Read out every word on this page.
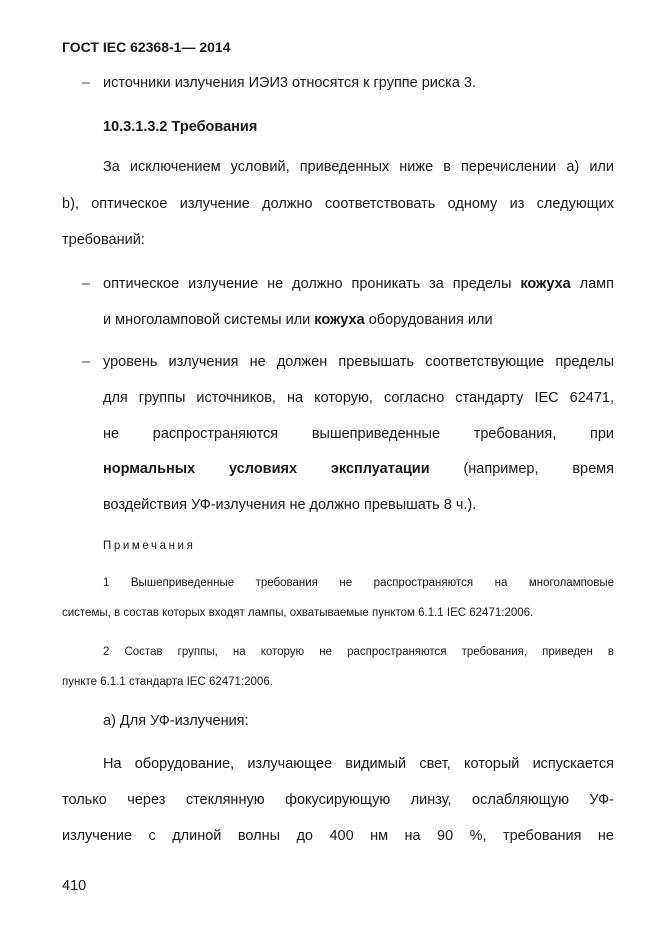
ГОСТ IEC 62368-1— 2014
– источники излучения ИЭИ3 относятся к группе риска 3.
10.3.1.3.2 Требования
За исключением условий, приведенных ниже в перечислении а) или
b), оптическое излучение должно соответствовать одному из следующих
требований:
– оптическое излучение не должно проникать за пределы кожуха ламп
и многоламповой системы или кожуха оборудования или
– уровень излучения не должен превышать соответствующие пределы
для группы источников, на которую, согласно стандарту IEC 62471,
не распространяются вышеприведенные требования, при
нормальных условиях эксплуатации (например, время
воздействия УФ-излучения не должно превышать 8 ч.).
Примечания
1 Вышеприведенные требования не распространяются на многоламповые
системы, в состав которых входят лампы, охватываемые пунктом 6.1.1 IEC 62471:2006.
2 Состав группы, на которую не распространяются требования, приведен в
пункте 6.1.1 стандарта IEC 62471:2006.
а) Для УФ-излучения:
На оборудование, излучающее видимый свет, который испускается
только через стеклянную фокусирующую линзу, ослабляющую УФ-
излучение с длиной волны до 400 нм на 90 %, требования не
410
